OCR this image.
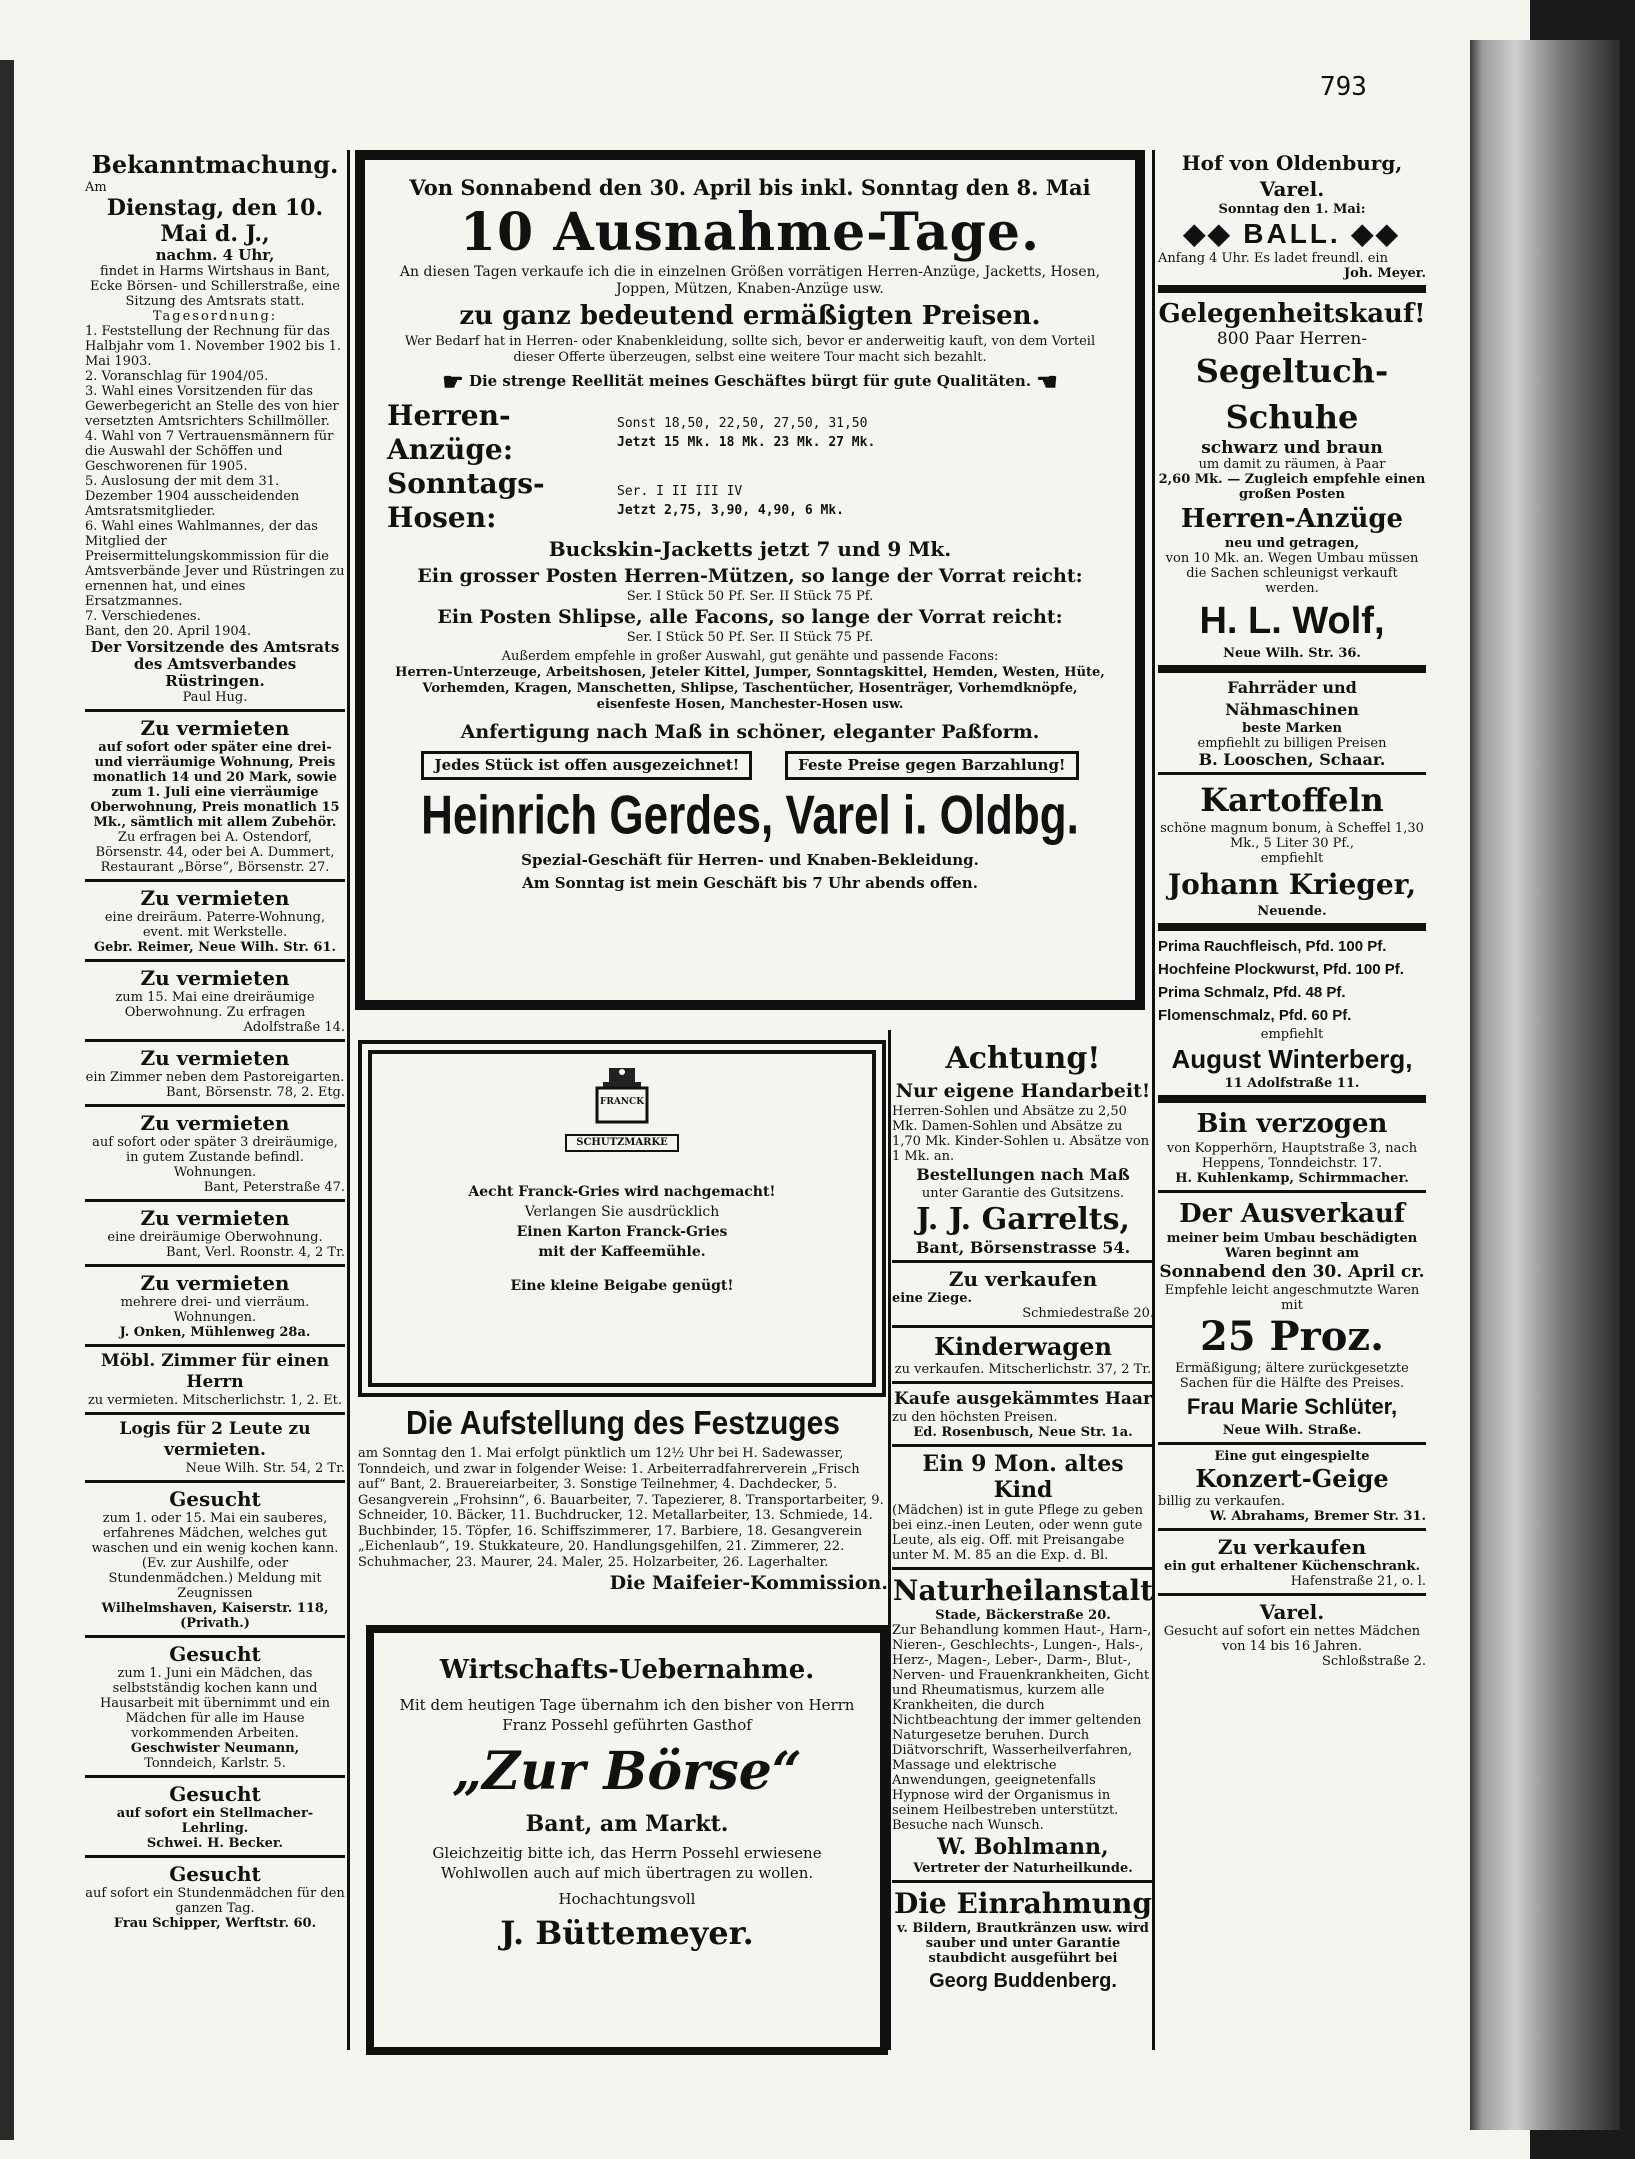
793
Bekanntmachung.
Am
Dienstag, den 10. Mai d. J.,
nachm. 4 Uhr,
findet in Harms Wirtshaus in Bant, Ecke Börsen- und Schillerstraße, eine Sitzung des Amtsrats statt.
Tagesordnung:
1. Feststellung der Rechnung für das Halbjahr vom 1. November 1902 bis 1. Mai 1903.
2. Voranschlag für 1904/05.
3. Wahl eines Vorsitzenden für das Gewerbegericht an Stelle des von hier versetzten Amtsrichters Schillmöller.
4. Wahl von 7 Vertrauensmännern für die Auswahl der Schöffen und Geschworenen für 1905.
5. Auslosung der mit dem 31. Dezember 1904 ausscheidenden Amtsratsmitglieder.
6. Wahl eines Wahlmannes, der das Mitglied der Preisermittelungskommission für die Amtsverbände Jever und Rüstringen zu ernennen hat, und eines Ersatzmannes.
7. Verschiedenes.
Bant, den 20. April 1904.
Der Vorsitzende des Amtsrats
des Amtsverbandes Rüstringen.
Paul Hug.
Zu vermieten
auf sofort oder später eine drei- und vierräumige Wohnung, Preis monatlich 14 und 20 Mark, sowie zum 1. Juli eine vierräumige Oberwohnung, Preis monatlich 15 Mk., sämtlich mit allem Zubehör.
Zu erfragen bei A. Ostendorf, Börsenstr. 44, oder bei A. Dummert, Restaurant „Börse“, Börsenstr. 27.
Zu vermieten
eine dreiräum. Paterre-Wohnung, event. mit Werkstelle.
Gebr. Reimer, Neue Wilh. Str. 61.
Zu vermieten
zum 15. Mai eine dreiräumige Oberwohnung. Zu erfragen
Adolfstraße 14.
Zu vermieten
ein Zimmer neben dem Pastoreigarten.
Bant, Börsenstr. 78, 2. Etg.
Zu vermieten
auf sofort oder später 3 dreiräumige, in gutem Zustande befindl. Wohnungen.
Bant, Peterstraße 47.
Zu vermieten
eine dreiräumige Oberwohnung.
Bant, Verl. Roonstr. 4, 2 Tr.
Zu vermieten
mehrere drei- und vierräum. Wohnungen.
J. Onken, Mühlenweg 28a.
Möbl. Zimmer für einen Herrn
zu vermieten. Mitscherlichstr. 1, 2. Et.
Logis für 2 Leute zu vermieten.
Neue Wilh. Str. 54, 2 Tr.
Gesucht
zum 1. oder 15. Mai ein sauberes, erfahrenes Mädchen, welches gut waschen und ein wenig kochen kann. (Ev. zur Aushilfe, oder Stundenmädchen.) Meldung mit Zeugnissen
Wilhelmshaven, Kaiserstr. 118, (Privath.)
Gesucht
zum 1. Juni ein Mädchen, das selbstständig kochen kann und Hausarbeit mit übernimmt und ein Mädchen für alle im Hause vorkommenden Arbeiten.
Geschwister Neumann,
Tonndeich, Karlstr. 5.
Gesucht
auf sofort ein Stellmacher-Lehrling.
Schwei. H. Becker.
Gesucht
auf sofort ein Stundenmädchen für den ganzen Tag.
Frau Schipper, Werftstr. 60.
Von Sonnabend den 30. April bis inkl. Sonntag den 8. Mai
10 Ausnahme-Tage.
An diesen Tagen verkaufe ich die in einzelnen Größen vorrätigen Herren-Anzüge, Jacketts, Hosen, Joppen, Mützen, Knaben-Anzüge usw.
zu ganz bedeutend ermäßigten Preisen.
Wer Bedarf hat in Herren- oder Knabenkleidung, sollte sich, bevor er anderweitig kauft, von dem Vorteil dieser Offerte überzeugen, selbst eine weitere Tour macht sich bezahlt.
☛ Die strenge Reellität meines Geschäftes bürgt für gute Qualitäten. ☚
Herren-Anzüge:
Sonst 18,50, 22,50, 27,50, 31,50
Jetzt 15 Mk. 18 Mk. 23 Mk. 27 Mk.
Sonntags-Hosen:
Ser. I II III IV
Jetzt 2,75, 3,90, 4,90, 6 Mk.
Buckskin-Jacketts jetzt 7 und 9 Mk.
Ein grosser Posten Herren-Mützen, so lange der Vorrat reicht:
Ser. I Stück 50 Pf. Ser. II Stück 75 Pf.
Ein Posten Shlipse, alle Facons, so lange der Vorrat reicht:
Ser. I Stück 50 Pf. Ser. II Stück 75 Pf.
Außerdem empfehle in großer Auswahl, gut genähte und passende Facons:
Herren-Unterzeuge, Arbeitshosen, Jeteler Kittel, Jumper, Sonntagskittel, Hemden, Westen, Hüte, Vorhemden, Kragen, Manschetten, Shlipse, Taschentücher, Hosenträger, Vorhemdknöpfe, eisenfeste Hosen, Manchester-Hosen usw.
Anfertigung nach Maß in schöner, eleganter Paßform.
Jedes Stück ist offen ausgezeichnet!	Feste Preise gegen Barzahlung!
Heinrich Gerdes, Varel i. Oldbg.
Spezial-Geschäft für Herren- und Knaben-Bekleidung.
Am Sonntag ist mein Geschäft bis 7 Uhr abends offen.
FRANCK
SCHUTZMARKE
Aecht Franck-Gries wird nachgemacht!
Verlangen Sie ausdrücklich
Einen Karton Franck-Gries
mit der Kaffeemühle.
Eine kleine Beigabe genügt!
Die Aufstellung des Festzuges
am Sonntag den 1. Mai erfolgt pünktlich um 12½ Uhr bei H. Sadewasser, Tonndeich, und zwar in folgender Weise: 1. Arbeiterradfahrerverein „Frisch auf“ Bant, 2. Brauereiarbeiter, 3. Sonstige Teilnehmer, 4. Dachdecker, 5. Gesangverein „Frohsinn“, 6. Bauarbeiter, 7. Tapezierer, 8. Transportarbeiter, 9. Schneider, 10. Bäcker, 11. Buchdrucker, 12. Metallarbeiter, 13. Schmiede, 14. Buchbinder, 15. Töpfer, 16. Schiffszimmerer, 17. Barbiere, 18. Gesangverein „Eichenlaub“, 19. Stukkateure, 20. Handlungsgehilfen, 21. Zimmerer, 22. Schuhmacher, 23. Maurer, 24. Maler, 25. Holzarbeiter, 26. Lagerhalter.
Die Maifeier-Kommission.
Wirtschafts-Uebernahme.
Mit dem heutigen Tage übernahm ich den bisher von Herrn Franz Possehl geführten Gasthof
„Zur Börse“
Bant, am Markt.
Gleichzeitig bitte ich, das Herrn Possehl erwiesene Wohlwollen auch auf mich übertragen zu wollen.
Hochachtungsvoll
J. Büttemeyer.
Achtung!
Nur eigene Handarbeit!
Herren-Sohlen und Absätze zu 2,50 Mk. Damen-Sohlen und Absätze zu 1,70 Mk. Kinder-Sohlen u. Absätze von 1 Mk. an.
Bestellungen nach Maß
unter Garantie des Gutsitzens.
J. J. Garrelts,
Bant, Börsenstrasse 54.
Zu verkaufen
eine Ziege.
Schmiedestraße 20.
Kinderwagen
zu verkaufen. Mitscherlichstr. 37, 2 Tr.
Kaufe ausgekämmtes Haar
zu den höchsten Preisen.
Ed. Rosenbusch, Neue Str. 1a.
Ein 9 Mon. altes Kind
(Mädchen) ist in gute Pflege zu geben bei einz.-inen Leuten, oder wenn gute Leute, als eig. Off. mit Preisangabe unter M. M. 85 an die Exp. d. Bl.
Naturheilanstalt
Stade, Bäckerstraße 20.
Zur Behandlung kommen Haut-, Harn-, Nieren-, Geschlechts-, Lungen-, Hals-, Herz-, Magen-, Leber-, Darm-, Blut-, Nerven- und Frauenkrankheiten, Gicht und Rheumatismus, kurzem alle Krankheiten, die durch Nichtbeachtung der immer geltenden Naturgesetze beruhen. Durch Diätvorschrift, Wasserheilverfahren, Massage und elektrische Anwendungen, geeignetenfalls Hypnose wird der Organismus in seinem Heilbestreben unterstützt. Besuche nach Wunsch.
W. Bohlmann,
Vertreter der Naturheilkunde.
Die Einrahmung
v. Bildern, Brautkränzen usw. wird sauber und unter Garantie staubdicht ausgeführt bei
Georg Buddenberg.
Hof von Oldenburg, Varel.
Sonntag den 1. Mai:
◆◆ BALL. ◆◆
Anfang 4 Uhr. Es ladet freundl. ein
Joh. Meyer.
Gelegenheitskauf!
800 Paar Herren-
Segeltuch-Schuhe
schwarz und braun
um damit zu räumen, à Paar
2,60 Mk. — Zugleich empfehle einen großen Posten
Herren-Anzüge
neu und getragen,
von 10 Mk. an. Wegen Umbau müssen die Sachen schleunigst verkauft werden.
H. L. Wolf,
Neue Wilh. Str. 36.
Fahrräder und Nähmaschinen
beste Marken
empfiehlt zu billigen Preisen
B. Looschen, Schaar.
Kartoffeln
schöne magnum bonum, à Scheffel 1,30 Mk., 5 Liter 30 Pf.,
empfiehlt
Johann Krieger,
Neuende.
Prima Rauchfleisch, Pfd. 100 Pf.
Hochfeine Plockwurst, Pfd. 100 Pf.
Prima Schmalz, Pfd. 48 Pf.
Flomenschmalz, Pfd. 60 Pf.
empfiehlt
August Winterberg,
11 Adolfstraße 11.
Bin verzogen
von Kopperhörn, Hauptstraße 3, nach Heppens, Tonndeichstr. 17.
H. Kuhlenkamp, Schirmmacher.
Der Ausverkauf
meiner beim Umbau beschädigten Waren beginnt am
Sonnabend den 30. April cr.
Empfehle leicht angeschmutzte Waren mit
25 Proz.
Ermäßigung; ältere zurückgesetzte Sachen für die Hälfte des Preises.
Frau Marie Schlüter,
Neue Wilh. Straße.
Eine gut eingespielte
Konzert-Geige
billig zu verkaufen.
W. Abrahams, Bremer Str. 31.
Zu verkaufen
ein gut erhaltener Küchenschrank.
Hafenstraße 21, o. l.
Varel.
Gesucht auf sofort ein nettes Mädchen von 14 bis 16 Jahren.
Schloßstraße 2.
